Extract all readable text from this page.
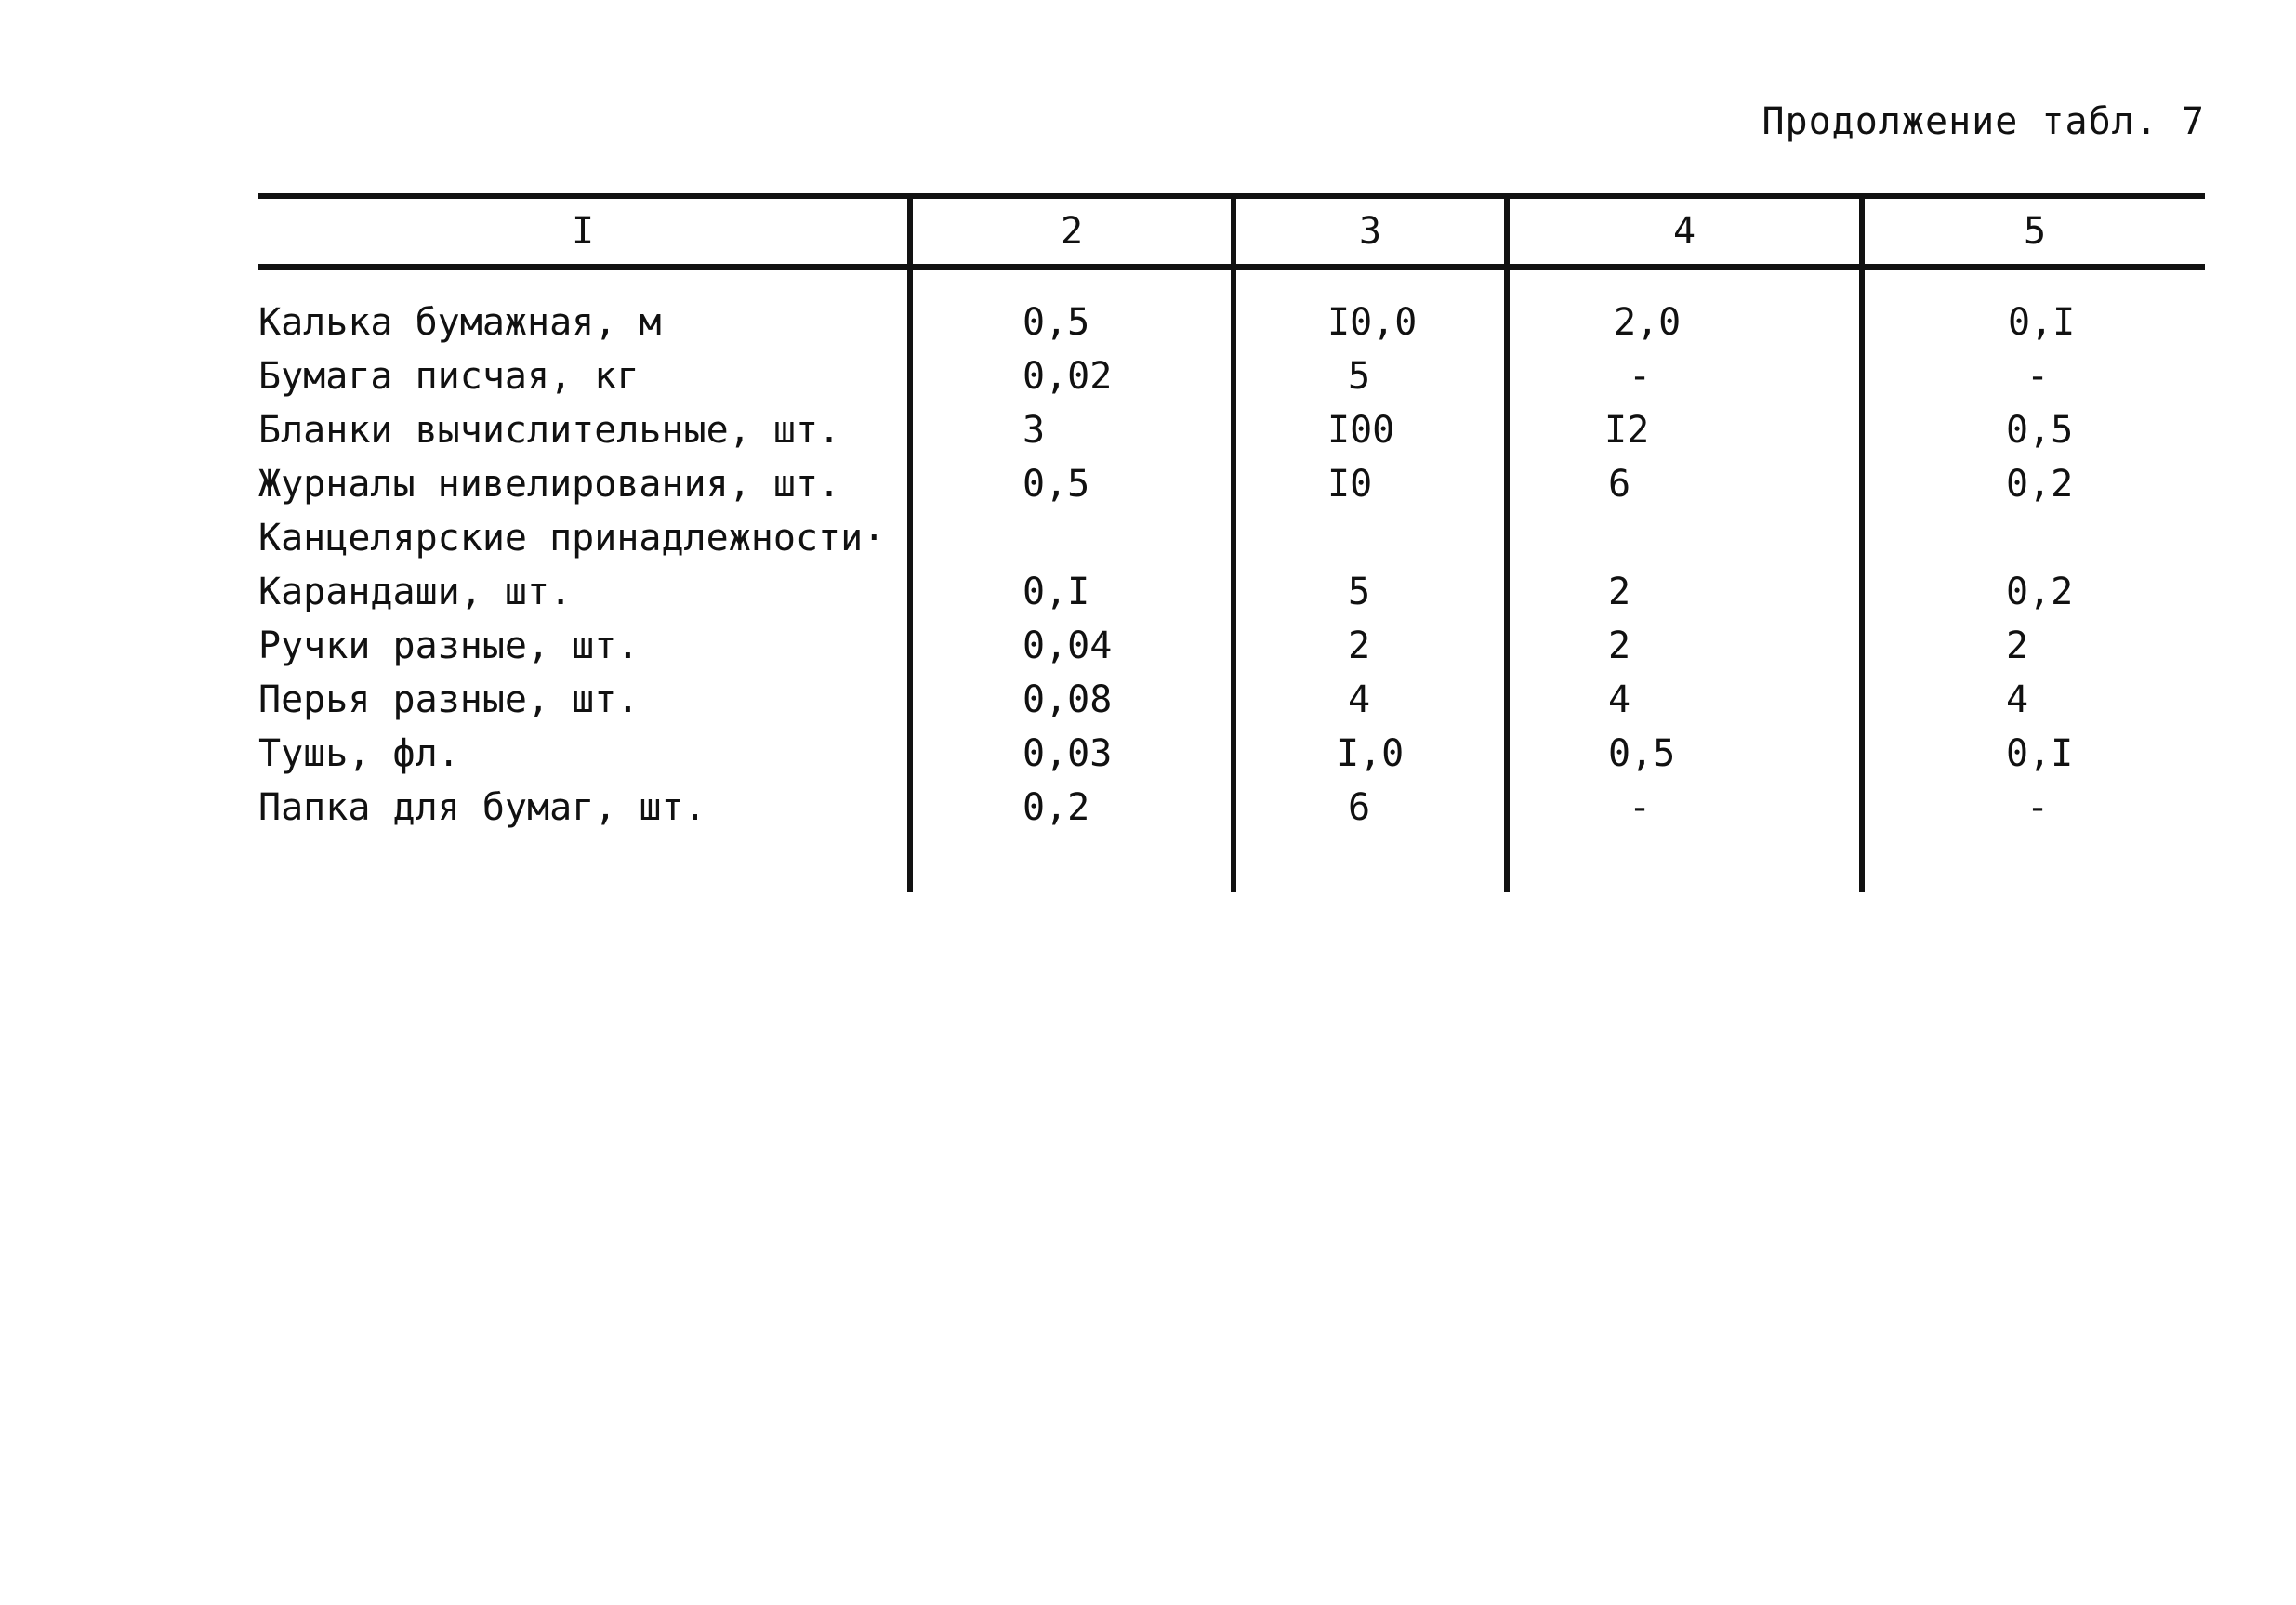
Продолжение табл. 7
I	2	3	4	5
Калька бумажная, м	0,5	I0,0	2,0	0,I
Бумага писчая, кг	0,02	5	-	-
Бланки вычислительные, шт.	3	I00	I2	0,5
Журналы нивелирования, шт.	0,5	I0	6	0,2
Канцелярские принадлежности·
Карандаши, шт.	0,I	5	2	0,2
Ручки разные, шт.	0,04	2	2	2
Перья разные, шт.	0,08	4	4	4
Тушь, фл.	0,03	I,0	0,5	0,I
Папка для бумаг, шт.	0,2	6	-	-
